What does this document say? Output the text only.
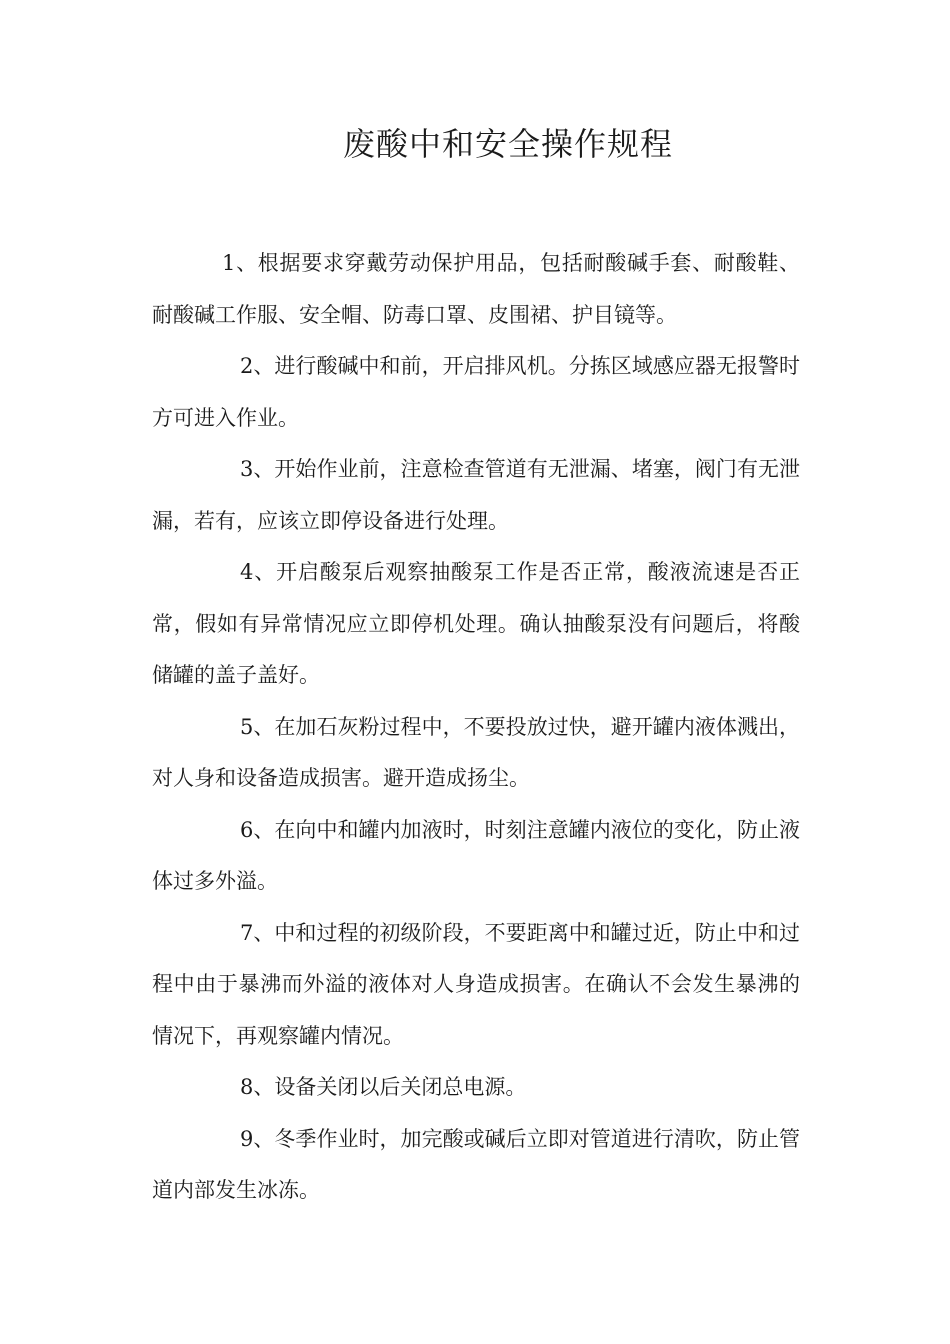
废酸中和安全操作规程

1、根据要求穿戴劳动保护用品，包括耐酸碱手套、耐酸鞋、耐酸碱工作服、安全帽、防毒口罩、皮围裙、护目镜等。

2、进行酸碱中和前，开启排风机。分拣区域感应器无报警时方可进入作业。

3、开始作业前，注意检查管道有无泄漏、堵塞，阀门有无泄漏，若有，应该立即停设备进行处理。

4、开启酸泵后观察抽酸泵工作是否正常，酸液流速是否正常，假如有异常情况应立即停机处理。确认抽酸泵没有问题后，将酸储罐的盖子盖好。

5、在加石灰粉过程中，不要投放过快，避开罐内液体溅出，对人身和设备造成损害。避开造成扬尘。

6、在向中和罐内加液时，时刻注意罐内液位的变化，防止液体过多外溢。

7、中和过程的初级阶段，不要距离中和罐过近，防止中和过程中由于暴沸而外溢的液体对人身造成损害。在确认不会发生暴沸的情况下，再观察罐内情况。

8、设备关闭以后关闭总电源。

9、冬季作业时，加完酸或碱后立即对管道进行清吹，防止管道内部发生冰冻。
